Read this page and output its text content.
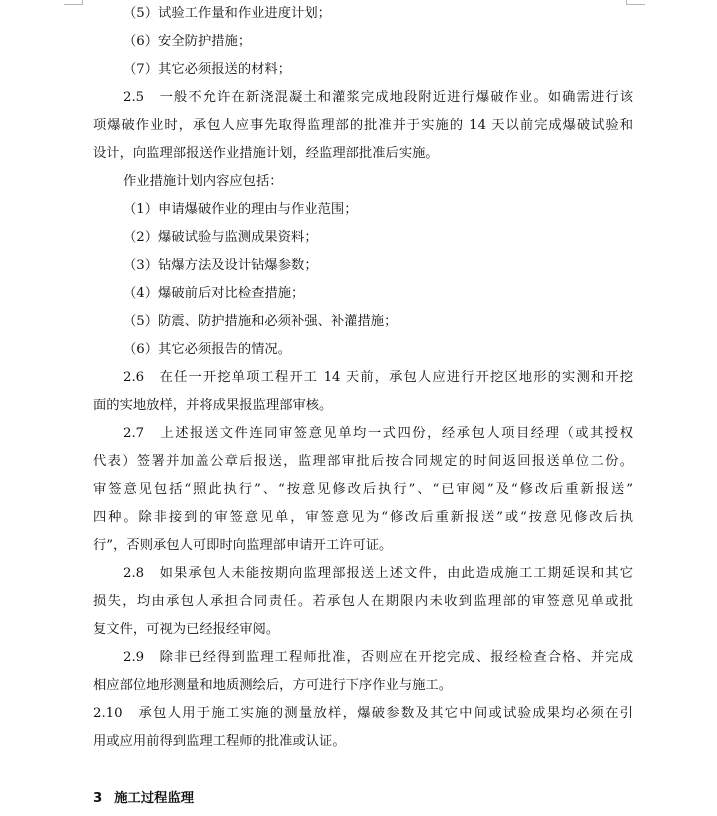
（5）试验工作量和作业进度计划；

（6）安全防护措施；

（7）其它必须报送的材料；

2.5　一般不允许在新浇混凝土和灌浆完成地段附近进行爆破作业。如确需进行该
项爆破作业时，承包人应事先取得监理部的批准并于实施的 14 天以前完成爆破试验和
设计，向监理部报送作业措施计划，经监理部批准后实施。

作业措施计划内容应包括：

（1）申请爆破作业的理由与作业范围；

（2）爆破试验与监测成果资料；

（3）钻爆方法及设计钻爆参数；

（4）爆破前后对比检查措施；

（5）防震、防护措施和必须补强、补灌措施；

（6）其它必须报告的情况。

2.6　在任一开挖单项工程开工 14 天前，承包人应进行开挖区地形的实测和开挖
面的实地放样，并将成果报监理部审核。
2.7　上述报送文件连同审签意见单均一式四份，经承包人项目经理（或其授权
代表）签署并加盖公章后报送，监理部审批后按合同规定的时间返回报送单位二份。
审签意见包括“照此执行”、“按意见修改后执行”、“已审阅”及“修改后重新报送”
四种。除非接到的审签意见单，审签意见为“修改后重新报送”或“按意见修改后执
行”，否则承包人可即时向监理部申请开工许可证。
2.8　如果承包人未能按期向监理部报送上述文件，由此造成施工工期延误和其它
损失，均由承包人承担合同责任。若承包人在期限内未收到监理部的审签意见单或批
复文件，可视为已经报经审阅。
2.9　除非已经得到监理工程师批准，否则应在开挖完成、报经检查合格、并完成
相应部位地形测量和地质测绘后，方可进行下序作业与施工。
2.10　承包人用于施工实施的测量放样，爆破参数及其它中间或试验成果均必须在引
用或应用前得到监理工程师的批准或认证。
3 施工过程监理
